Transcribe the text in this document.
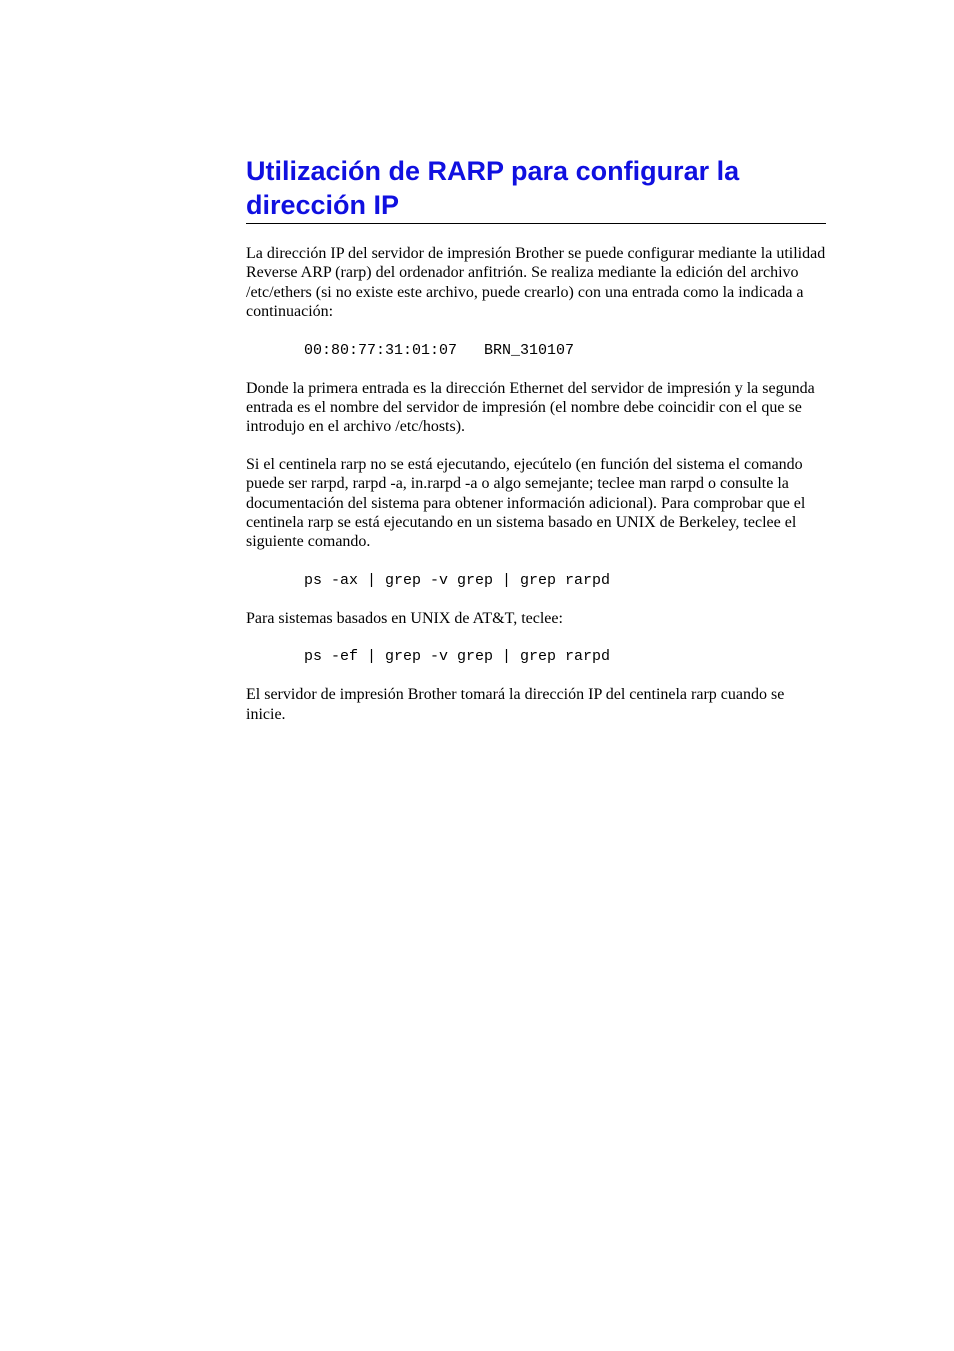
Utilización de RARP para configurar la
dirección IP

La dirección IP del servidor de impresión Brother se puede configurar mediante la utilidad Reverse ARP (rarp) del ordenador anfitrión. Se realiza mediante la edición del archivo /etc/ethers (si no existe este archivo, puede crearlo) con una entrada como la indicada a continuación:

00:80:77:31:01:07   BRN_310107

Donde la primera entrada es la dirección Ethernet del servidor de impresión y la segunda entrada es el nombre del servidor de impresión (el nombre debe coincidir con el que se introdujo en el archivo /etc/hosts).

Si el centinela rarp no se está ejecutando, ejecútelo (en función del sistema el comando puede ser rarpd, rarpd -a, in.rarpd -a o algo semejante; teclee man rarpd o consulte la documentación del sistema para obtener información adicional). Para comprobar que el centinela rarp se está ejecutando en un sistema basado en UNIX de Berkeley, teclee el siguiente comando.

ps -ax | grep -v grep | grep rarpd

Para sistemas basados en UNIX de AT&T, teclee:

ps -ef | grep -v grep | grep rarpd

El servidor de impresión Brother tomará la dirección IP del centinela rarp cuando se inicie.
